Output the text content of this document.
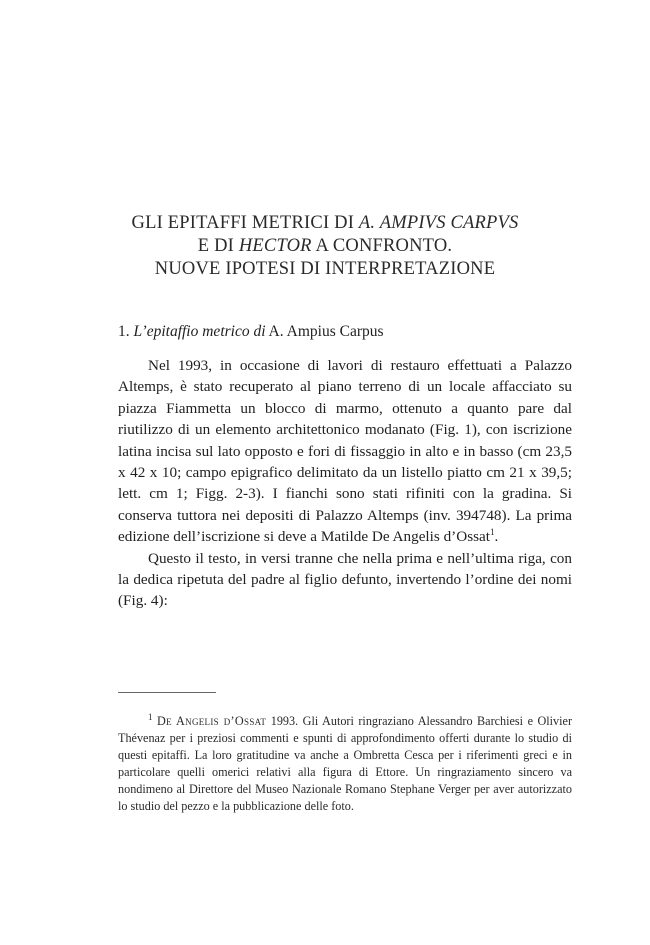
GLI EPITAFFI METRICI DI A. AMPIVS CARPVS
E DI HECTOR A CONFRONTO.
NUOVE IPOTESI DI INTERPRETAZIONE
1. L’epitaffio metrico di A. Ampius Carpus

Nel 1993, in occasione di lavori di restauro effettuati a Palazzo Altemps, è stato recuperato al piano terreno di un locale affacciato su piazza Fiammetta un blocco di marmo, ottenuto a quanto pare dal riutilizzo di un elemento architettonico modanato (Fig. 1), con iscrizione latina incisa sul lato opposto e fori di fissaggio in alto e in basso (cm 23,5 x 42 x 10; campo epigrafico delimitato da un listello piatto cm 21 x 39,5; lett. cm 1; Figg. 2-3). I fianchi sono stati rifiniti con la gradina. Si conserva tuttora nei depositi di Palazzo Altemps (inv. 394748). La prima edizione dell’iscrizione si deve a Matilde De Angelis d’Ossat$^1$.

Questo il testo, in versi tranne che nella prima e nell’ultima riga, con la dedica ripetuta del padre al figlio defunto, invertendo l’ordine dei nomi (Fig. 4):

$^1$ De Angelis d’Ossat 1993. Gli Autori ringraziano Alessandro Barchiesi e Olivier Thévenaz per i preziosi commenti e spunti di approfondimento offerti durante lo studio di questi epitaffi. La loro gratitudine va anche a Ombretta Cesca per i riferimenti greci e in particolare quelli omerici relativi alla figura di Ettore. Un ringraziamento sincero va nondimeno al Direttore del Museo Nazionale Romano Stephane Verger per aver autorizzato lo studio del pezzo e la pubblicazione delle foto.
